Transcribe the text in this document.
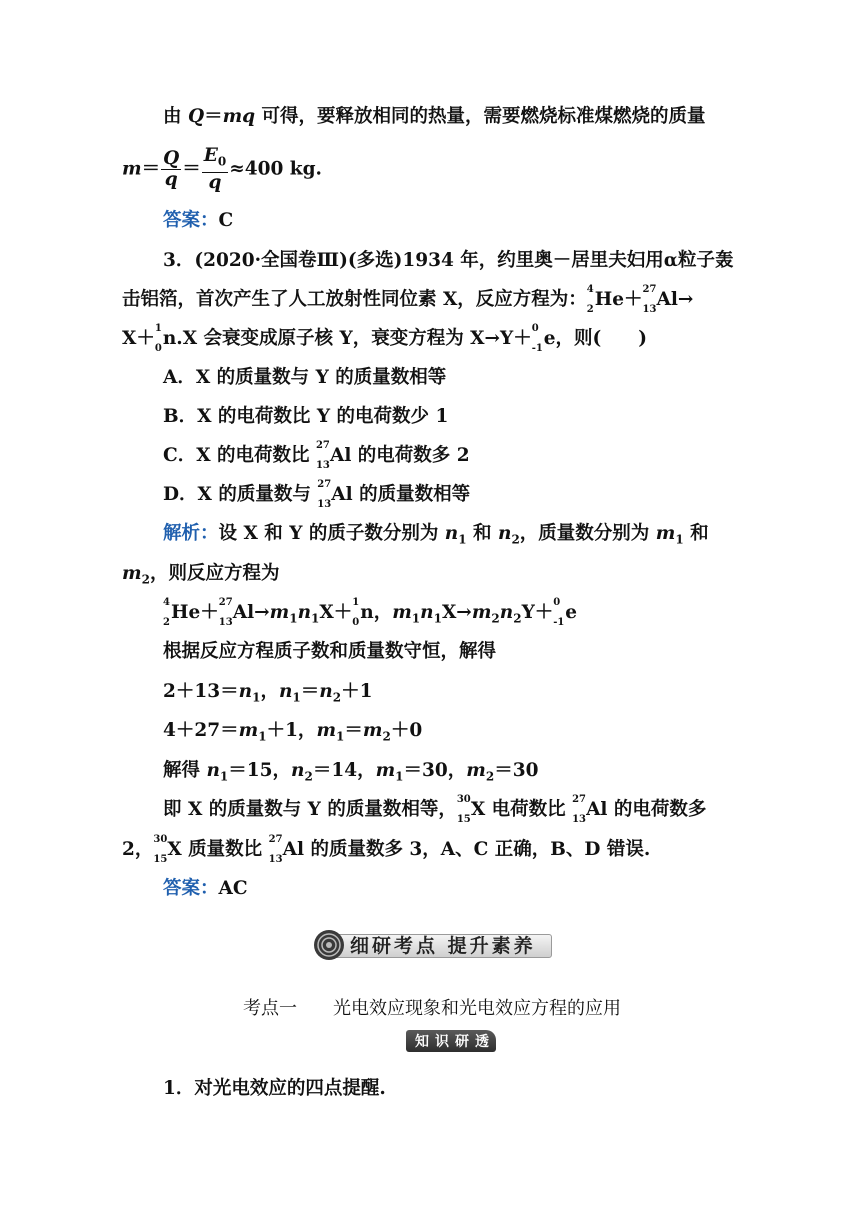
由 Q＝mq 可得，要释放相同的热量，需要燃烧标准煤燃烧的质量
$m= \frac{Q}{q} = \frac{E_0}{q} \approx 400$ kg.
答案：C
3．(2020·全国卷Ⅲ)(多选)1934 年，约里奥－居里夫妇用α粒子轰
击铝箔，首次产生了人工放射性同位素 X，反应方程为： 4
2 He＋ 27
13 Al→
X＋ 1
0 n.X 会衰变成原子核 Y，衰变方程为 X→Y＋ 0
-1 e，则(　　)
A．X 的质量数与 Y 的质量数相等
B．X 的电荷数比 Y 的电荷数少 1
C．X 的电荷数比 27
13 Al 的电荷数多 2
D．X 的质量数与 27
13 Al 的质量数相等
解析：设 X 和 Y 的质子数分别为 $n_1$ 和 $n_2$，质量数分别为 $m_1$ 和
$m_2$，则反应方程为
4
2 He＋ 27
13 $Al\to m_1n_1X+ 1$
0 n，$m_1n_1X\to m_2n_2Y+ 0$
-1 e
根据反应方程质子数和质量数守恒，解得
$2+13=n_1$，$n_1=n_2+1$
$4+27=m_1+1$，$m_1=m_2+0$
解得 $n_1=15$，$n_2=14$，$m_1=30$，$m_2=30$
即 X 的质量数与 Y 的质量数相等， 30
15 X 电荷数比 27
13 Al 的电荷数多
2， 30
15 X 质量数比 27
13 Al 的质量数多 3，A、C 正确，B、D 错误.
答案：AC
细研考点 提升素养
考点一　　光电效应现象和光电效应方程的应用
知识研透
1．对光电效应的四点提醒.
